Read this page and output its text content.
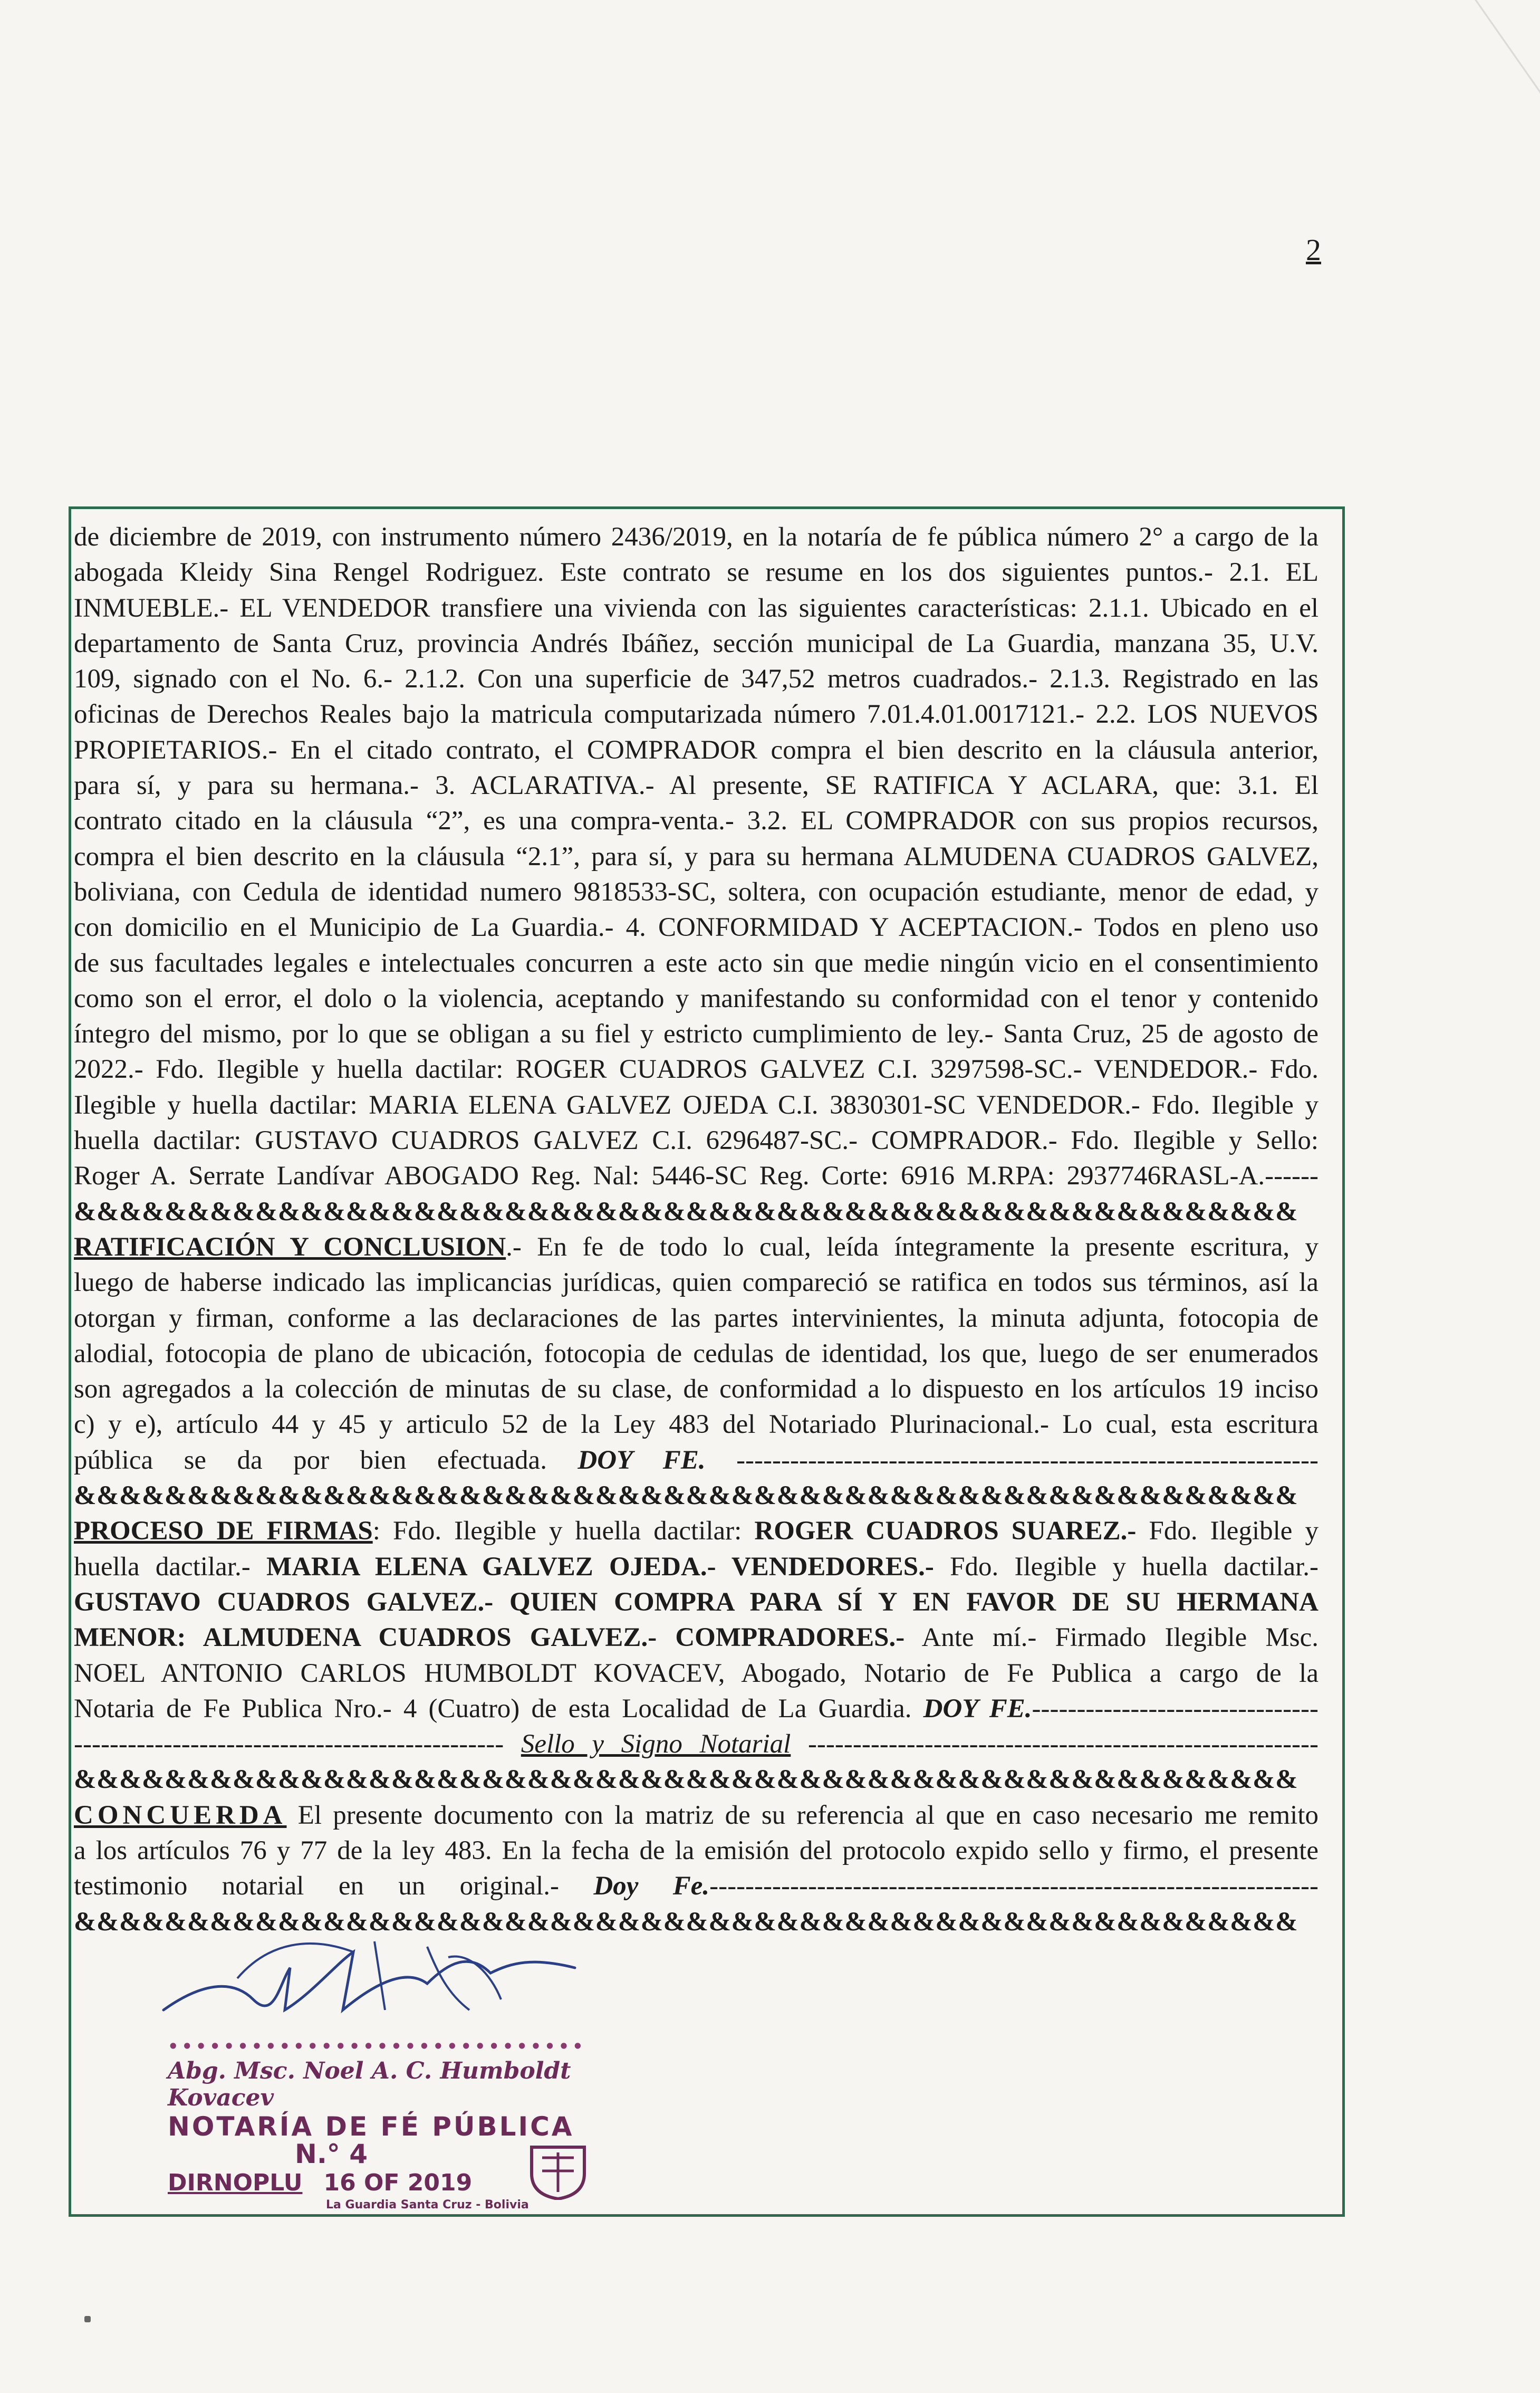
2
de diciembre de 2019, con instrumento número 2436/2019, en la notaría de fe pública número 2° a cargo de la
abogada Kleidy Sina Rengel Rodriguez. Este contrato se resume en los dos siguientes puntos.- 2.1. EL
INMUEBLE.- EL VENDEDOR transfiere una vivienda con las siguientes características: 2.1.1. Ubicado en el
departamento de Santa Cruz, provincia Andrés Ibáñez, sección municipal de La Guardia, manzana 35, U.V.
109, signado con el No. 6.- 2.1.2. Con una superficie de 347,52 metros cuadrados.- 2.1.3. Registrado en las
oficinas de Derechos Reales bajo la matricula computarizada número 7.01.4.01.0017121.- 2.2. LOS NUEVOS
PROPIETARIOS.- En el citado contrato, el COMPRADOR compra el bien descrito en la cláusula anterior,
para sí, y para su hermana.- 3. ACLARATIVA.- Al presente, SE RATIFICA Y ACLARA, que: 3.1. El
contrato citado en la cláusula “2”, es una compra-venta.- 3.2. EL COMPRADOR con sus propios recursos,
compra el bien descrito en la cláusula “2.1”, para sí, y para su hermana ALMUDENA CUADROS GALVEZ,
boliviana, con Cedula de identidad numero 9818533-SC, soltera, con ocupación estudiante, menor de edad, y
con domicilio en el Municipio de La Guardia.- 4. CONFORMIDAD Y ACEPTACION.- Todos en pleno uso
de sus facultades legales e intelectuales concurren a este acto sin que medie ningún vicio en el consentimiento
como son el error, el dolo o la violencia, aceptando y manifestando su conformidad con el tenor y contenido
íntegro del mismo, por lo que se obligan a su fiel y estricto cumplimiento de ley.- Santa Cruz, 25 de agosto de
2022.- Fdo. Ilegible y huella dactilar: ROGER CUADROS GALVEZ C.I. 3297598-SC.- VENDEDOR.- Fdo.
Ilegible y huella dactilar: MARIA ELENA GALVEZ OJEDA C.I. 3830301-SC VENDEDOR.- Fdo. Ilegible y
huella dactilar: GUSTAVO CUADROS GALVEZ C.I. 6296487-SC.- COMPRADOR.- Fdo. Ilegible y Sello:
Roger A. Serrate Landívar ABOGADO Reg. Nal: 5446-SC Reg. Corte: 6916 M.RPA: 2937746RASL-A.------
&&&&&&&&&&&&&&&&&&&&&&&&&&&&&&&&&&&&&&&&&&&&&&&&&&&&&&
RATIFICACIÓN Y CONCLUSION.- En fe de todo lo cual, leída íntegramente la presente escritura, y
luego de haberse indicado las implicancias jurídicas, quien compareció se ratifica en todos sus términos, así la
otorgan y firman, conforme a las declaraciones de las partes intervinientes, la minuta adjunta, fotocopia de
alodial, fotocopia de plano de ubicación, fotocopia de cedulas de identidad, los que, luego de ser enumerados
son agregados a la colección de minutas de su clase, de conformidad a lo dispuesto en los artículos 19 inciso
c) y e), artículo 44 y 45 y articulo 52 de la Ley 483 del Notariado Plurinacional.- Lo cual, esta escritura
pública se da por bien efectuada. DOY FE. -----------------------------------------------------------------
&&&&&&&&&&&&&&&&&&&&&&&&&&&&&&&&&&&&&&&&&&&&&&&&&&&&&&
PROCESO DE FIRMAS: Fdo. Ilegible y huella dactilar: ROGER CUADROS SUAREZ.- Fdo. Ilegible y
huella dactilar.- MARIA ELENA GALVEZ OJEDA.- VENDEDORES.- Fdo. Ilegible y huella dactilar.-
GUSTAVO CUADROS GALVEZ.- QUIEN COMPRA PARA SÍ Y EN FAVOR DE SU HERMANA
MENOR: ALMUDENA CUADROS GALVEZ.- COMPRADORES.- Ante mí.- Firmado Ilegible Msc.
NOEL ANTONIO CARLOS HUMBOLDT KOVACEV, Abogado, Notario de Fe Publica a cargo de la
Notaria de Fe Publica Nro.- 4 (Cuatro) de esta Localidad de La Guardia. DOY FE.--------------------------------
------------------------------------------------ Sello y Signo Notarial ---------------------------------------------------------
&&&&&&&&&&&&&&&&&&&&&&&&&&&&&&&&&&&&&&&&&&&&&&&&&&&&&&
CONCUERDA El presente documento con la matriz de su referencia al que en caso necesario me remito
a los artículos 76 y 77 de la ley 483. En la fecha de la emisión del protocolo expido sello y firmo, el presente
testimonio notarial en un original.- Doy Fe.--------------------------------------------------------------------
&&&&&&&&&&&&&&&&&&&&&&&&&&&&&&&&&&&&&&&&&&&&&&&&&&&&&&
••••••••••••••••••••••••••••••
Abg. Msc. Noel A. C. Humboldt Kovacev
NOTARÍA DE FÉ PÚBLICA
N.° 4
DIRNOPLU 16 OF 2019
La Guardia Santa Cruz - Bolivia
